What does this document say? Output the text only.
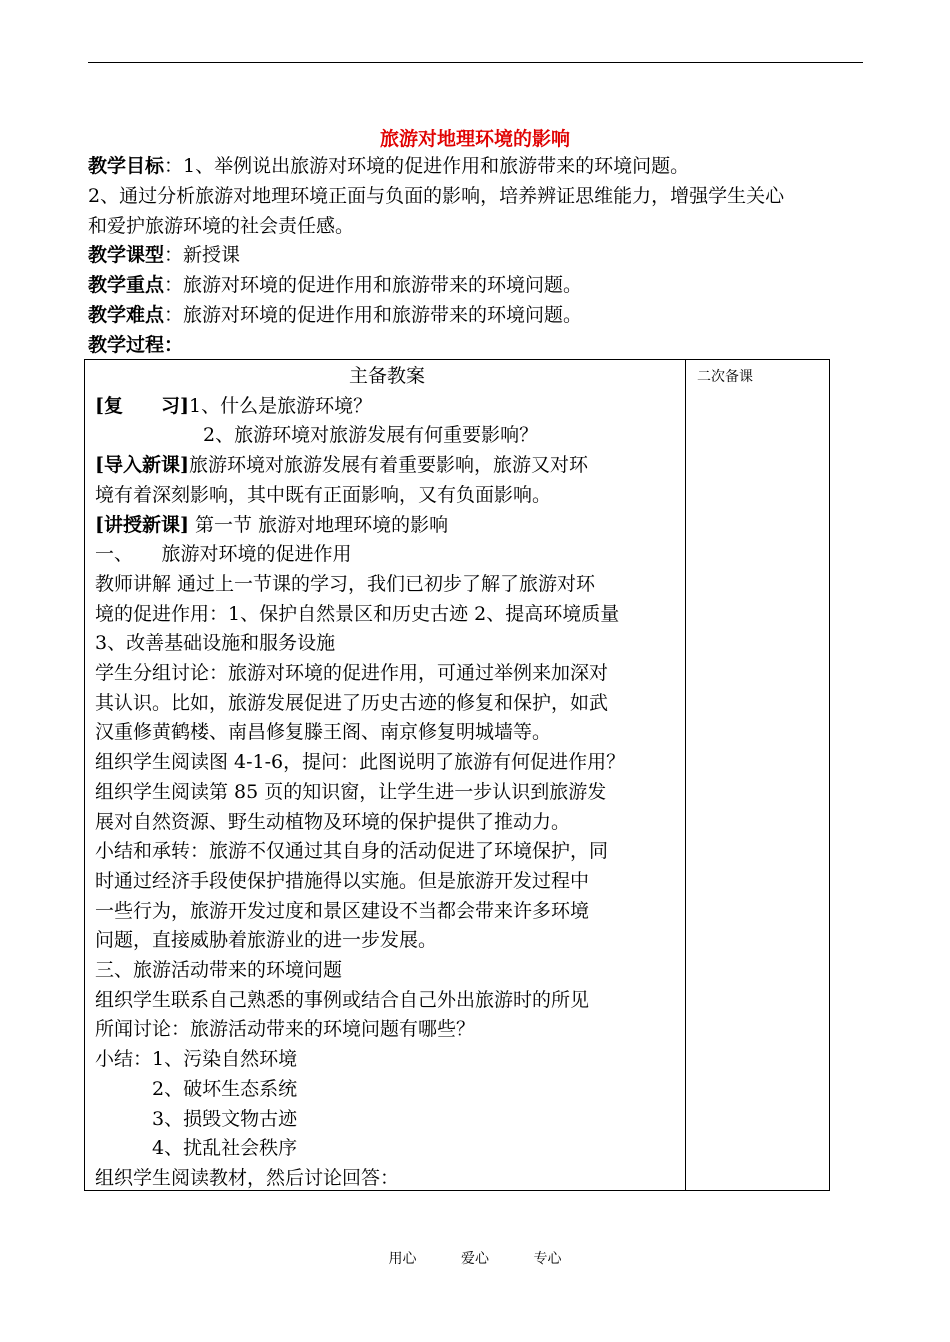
旅游对地理环境的影响

教学目标：1、举例说出旅游对环境的促进作用和旅游带来的环境问题。

2、通过分析旅游对地理环境正面与负面的影响，培养辨证思维能力，增强学生关心

和爱护旅游环境的社会责任感。

教学课型：新授课

教学重点：旅游对环境的促进作用和旅游带来的环境问题。

教学难点：旅游对环境的促进作用和旅游带来的环境问题。

教学过程：

主备教案

[复　　习]1、什么是旅游环境？

2、旅游环境对旅游发展有何重要影响？

[导入新课]旅游环境对旅游发展有着重要影响，旅游又对环

境有着深刻影响，其中既有正面影响，又有负面影响。

[讲授新课] 第一节 旅游对地理环境的影响

一、　　旅游对环境的促进作用

教师讲解 通过上一节课的学习，我们已初步了解了旅游对环

境的促进作用：1、保护自然景区和历史古迹 2、提高环境质量

3、改善基础设施和服务设施

学生分组讨论：旅游对环境的促进作用，可通过举例来加深对

其认识。比如，旅游发展促进了历史古迹的修复和保护，如武

汉重修黄鹤楼、南昌修复滕王阁、南京修复明城墙等。

组织学生阅读图 4-1-6，提问：此图说明了旅游有何促进作用？

组织学生阅读第 85 页的知识窗，让学生进一步认识到旅游发

展对自然资源、野生动植物及环境的保护提供了推动力。

小结和承转：旅游不仅通过其自身的活动促进了环境保护，同

时通过经济手段使保护措施得以实施。但是旅游开发过程中

一些行为，旅游开发过度和景区建设不当都会带来许多环境

问题，直接威胁着旅游业的进一步发展。

三、旅游活动带来的环境问题

组织学生联系自己熟悉的事例或结合自己外出旅游时的所见

所闻讨论：旅游活动带来的环境问题有哪些？

小结：1、污染自然环境

　　　2、破坏生态系统

　　　3、损毁文物古迹

　　　4、扰乱社会秩序

组织学生阅读教材，然后讨论回答：

二次备课
用心	爱心	专心
